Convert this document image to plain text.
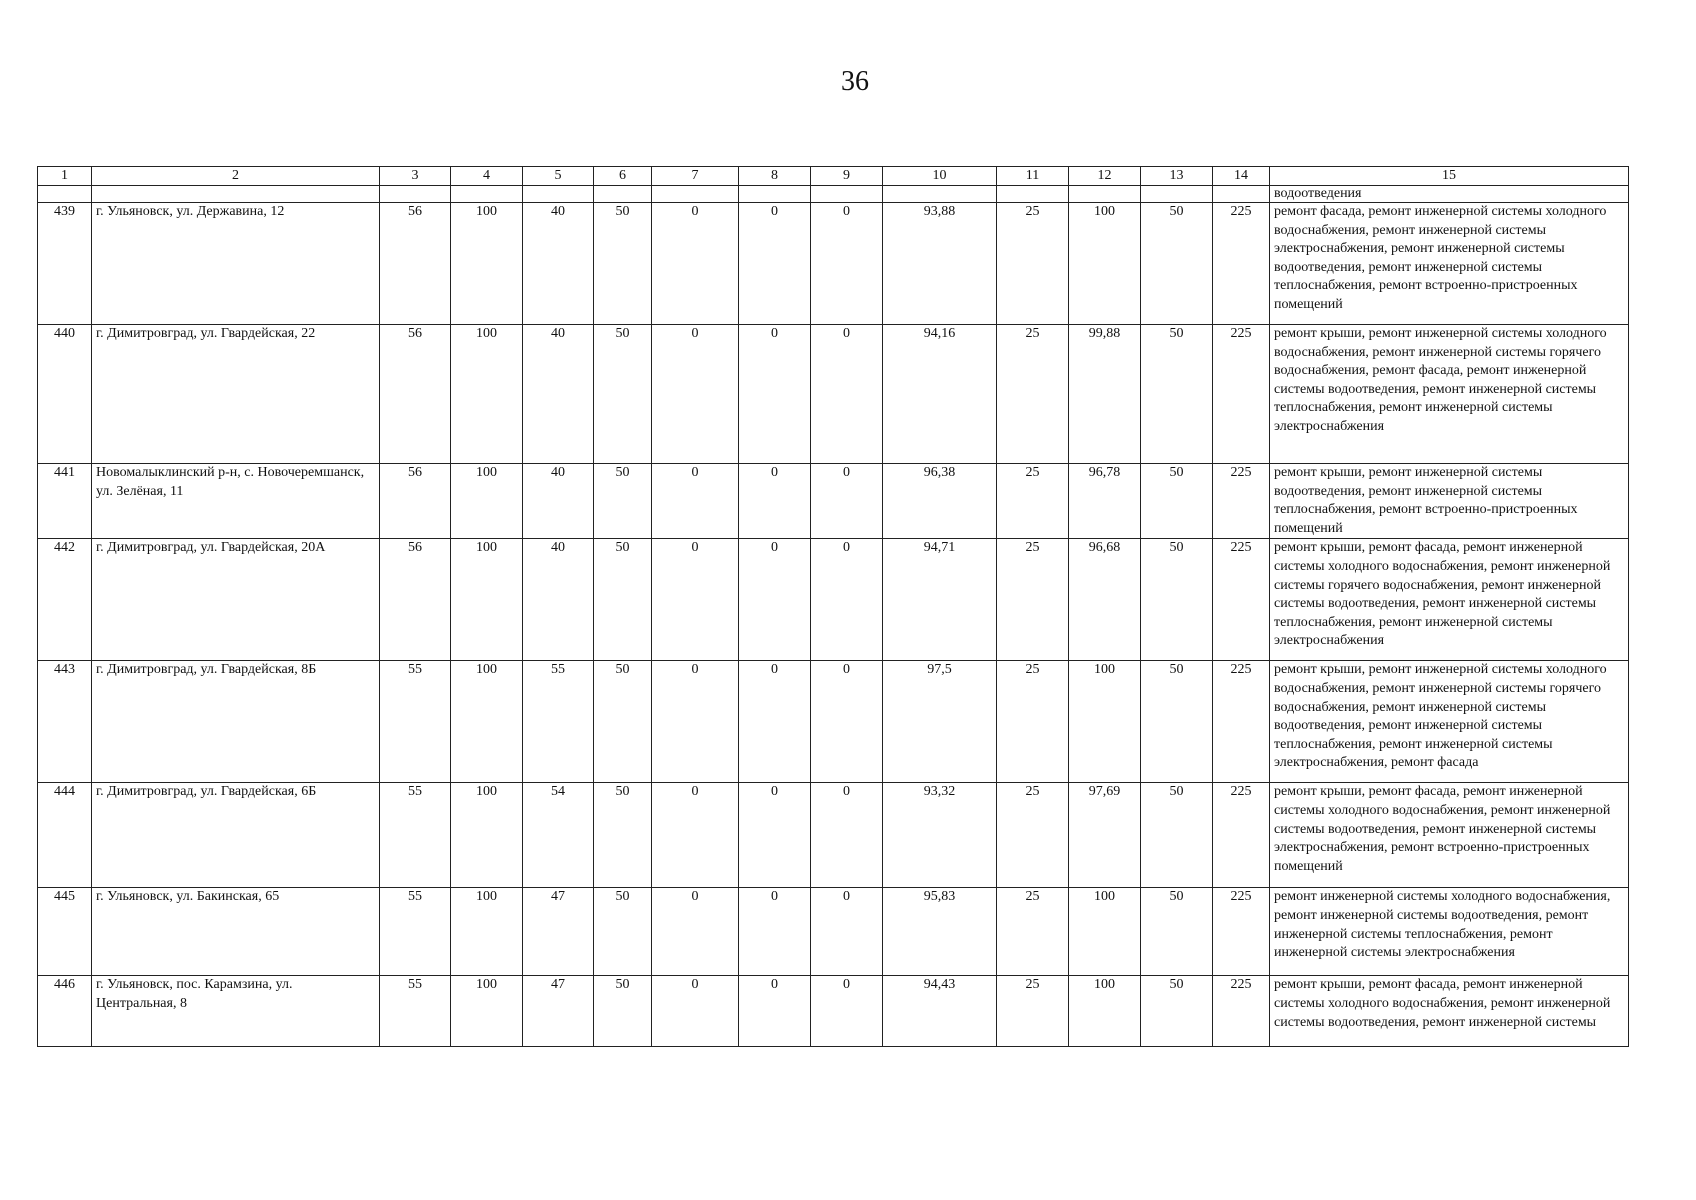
36
1	2	3	4	5	6	7	8	9	10	11	12	13	14	15
														водоотведения
439	г. Ульяновск, ул. Державина, 12	56	100	40	50	0	0	0	93,88	25	100	50	225	ремонт фасада, ремонт инженерной системы холодного водоснабжения, ремонт инженерной системы электроснабжения, ремонт инженерной системы водоотведения, ремонт инженерной системы теплоснабжения, ремонт встроенно-пристроенных помещений
440	г. Димитровград, ул. Гвардейская, 22	56	100	40	50	0	0	0	94,16	25	99,88	50	225	ремонт крыши, ремонт инженерной системы холодного водоснабжения, ремонт инженерной системы горячего водоснабжения, ремонт фасада, ремонт инженерной системы водоотведения, ремонт инженерной системы теплоснабжения, ремонт инженерной системы электроснабжения
441	Новомалыклинский р-н, с. Новочеремшанск, ул. Зелёная, 11	56	100	40	50	0	0	0	96,38	25	96,78	50	225	ремонт крыши, ремонт инженерной системы водоотведения, ремонт инженерной системы теплоснабжения, ремонт встроенно-пристроенных помещений
442	г. Димитровград, ул. Гвардейская, 20А	56	100	40	50	0	0	0	94,71	25	96,68	50	225	ремонт крыши, ремонт фасада, ремонт инженерной системы холодного водоснабжения, ремонт инженерной системы горячего водоснабжения, ремонт инженерной системы водоотведения, ремонт инженерной системы теплоснабжения, ремонт инженерной системы электроснабжения
443	г. Димитровград, ул. Гвардейская, 8Б	55	100	55	50	0	0	0	97,5	25	100	50	225	ремонт крыши, ремонт инженерной системы холодного водоснабжения, ремонт инженерной системы горячего водоснабжения, ремонт инженерной системы водоотведения, ремонт инженерной системы теплоснабжения, ремонт инженерной системы электроснабжения, ремонт фасада
444	г. Димитровград, ул. Гвардейская, 6Б	55	100	54	50	0	0	0	93,32	25	97,69	50	225	ремонт крыши, ремонт фасада, ремонт инженерной системы холодного водоснабжения, ремонт инженерной системы водоотведения, ремонт инженерной системы электроснабжения, ремонт встроенно-пристроенных помещений
445	г. Ульяновск, ул. Бакинская, 65	55	100	47	50	0	0	0	95,83	25	100	50	225	ремонт инженерной системы холодного водоснабжения, ремонт инженерной системы водоотведения, ремонт инженерной системы теплоснабжения, ремонт инженерной системы электроснабжения
446	г. Ульяновск, пос. Карамзина, ул. Центральная, 8	55	100	47	50	0	0	0	94,43	25	100	50	225	ремонт крыши, ремонт фасада, ремонт инженерной системы холодного водоснабжения, ремонт инженерной системы водоотведения, ремонт инженерной системы
